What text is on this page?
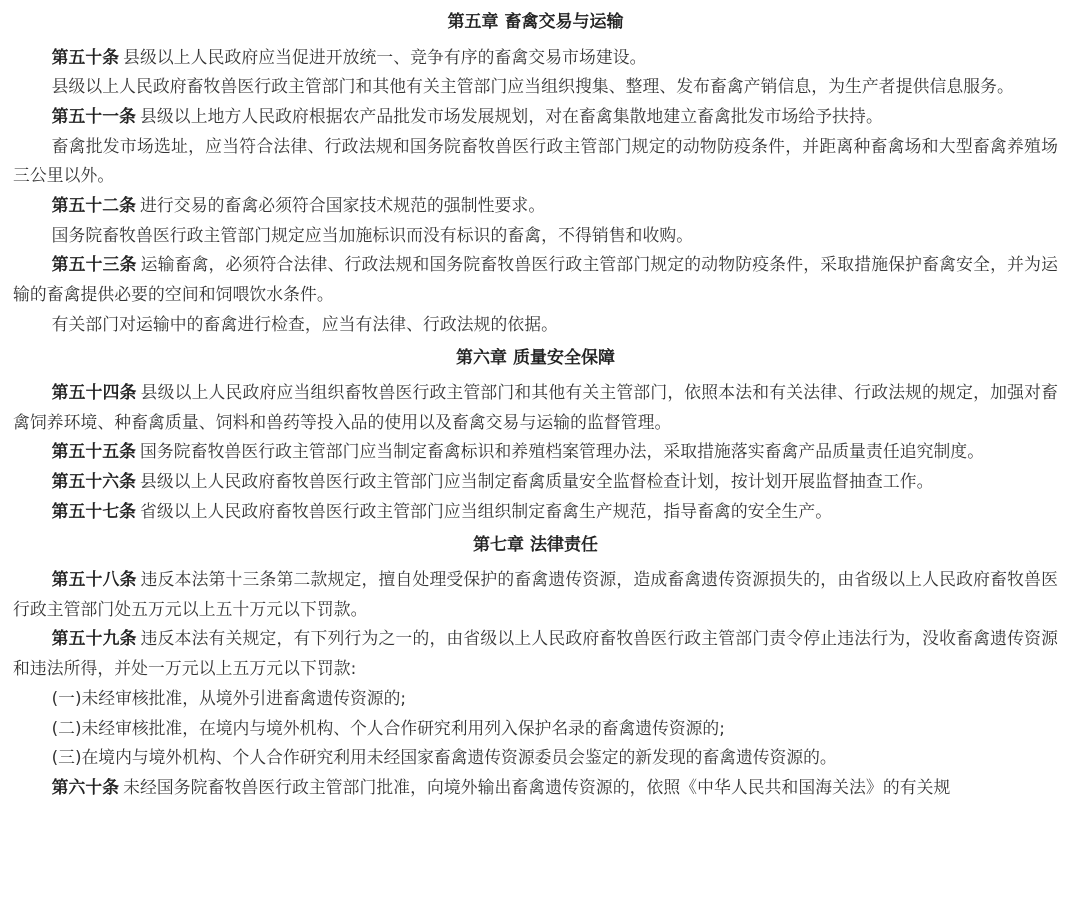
第五章 畜禽交易与运输

第五十条 县级以上人民政府应当促进开放统一、竞争有序的畜禽交易市场建设。

县级以上人民政府畜牧兽医行政主管部门和其他有关主管部门应当组织搜集、整理、发布畜禽产销信息，为生产者提供信息服务。

第五十一条 县级以上地方人民政府根据农产品批发市场发展规划，对在畜禽集散地建立畜禽批发市场给予扶持。

畜禽批发市场选址，应当符合法律、行政法规和国务院畜牧兽医行政主管部门规定的动物防疫条件，并距离种畜禽场和大型畜禽养殖场三公里以外。

第五十二条 进行交易的畜禽必须符合国家技术规范的强制性要求。

国务院畜牧兽医行政主管部门规定应当加施标识而没有标识的畜禽，不得销售和收购。

第五十三条 运输畜禽，必须符合法律、行政法规和国务院畜牧兽医行政主管部门规定的动物防疫条件，采取措施保护畜禽安全，并为运输的畜禽提供必要的空间和饲喂饮水条件。

有关部门对运输中的畜禽进行检查，应当有法律、行政法规的依据。

第六章 质量安全保障

第五十四条 县级以上人民政府应当组织畜牧兽医行政主管部门和其他有关主管部门，依照本法和有关法律、行政法规的规定，加强对畜禽饲养环境、种畜禽质量、饲料和兽药等投入品的使用以及畜禽交易与运输的监督管理。

第五十五条 国务院畜牧兽医行政主管部门应当制定畜禽标识和养殖档案管理办法，采取措施落实畜禽产品质量责任追究制度。

第五十六条 县级以上人民政府畜牧兽医行政主管部门应当制定畜禽质量安全监督检查计划，按计划开展监督抽查工作。

第五十七条 省级以上人民政府畜牧兽医行政主管部门应当组织制定畜禽生产规范，指导畜禽的安全生产。

第七章 法律责任

第五十八条 违反本法第十三条第二款规定，擅自处理受保护的畜禽遗传资源，造成畜禽遗传资源损失的，由省级以上人民政府畜牧兽医行政主管部门处五万元以上五十万元以下罚款。

第五十九条 违反本法有关规定，有下列行为之一的，由省级以上人民政府畜牧兽医行政主管部门责令停止违法行为，没收畜禽遗传资源和违法所得，并处一万元以上五万元以下罚款:

(一)未经审核批准，从境外引进畜禽遗传资源的;

(二)未经审核批准，在境内与境外机构、个人合作研究利用列入保护名录的畜禽遗传资源的;

(三)在境内与境外机构、个人合作研究利用未经国家畜禽遗传资源委员会鉴定的新发现的畜禽遗传资源的。

第六十条 未经国务院畜牧兽医行政主管部门批准，向境外输出畜禽遗传资源的，依照《中华人民共和国海关法》的有关规
